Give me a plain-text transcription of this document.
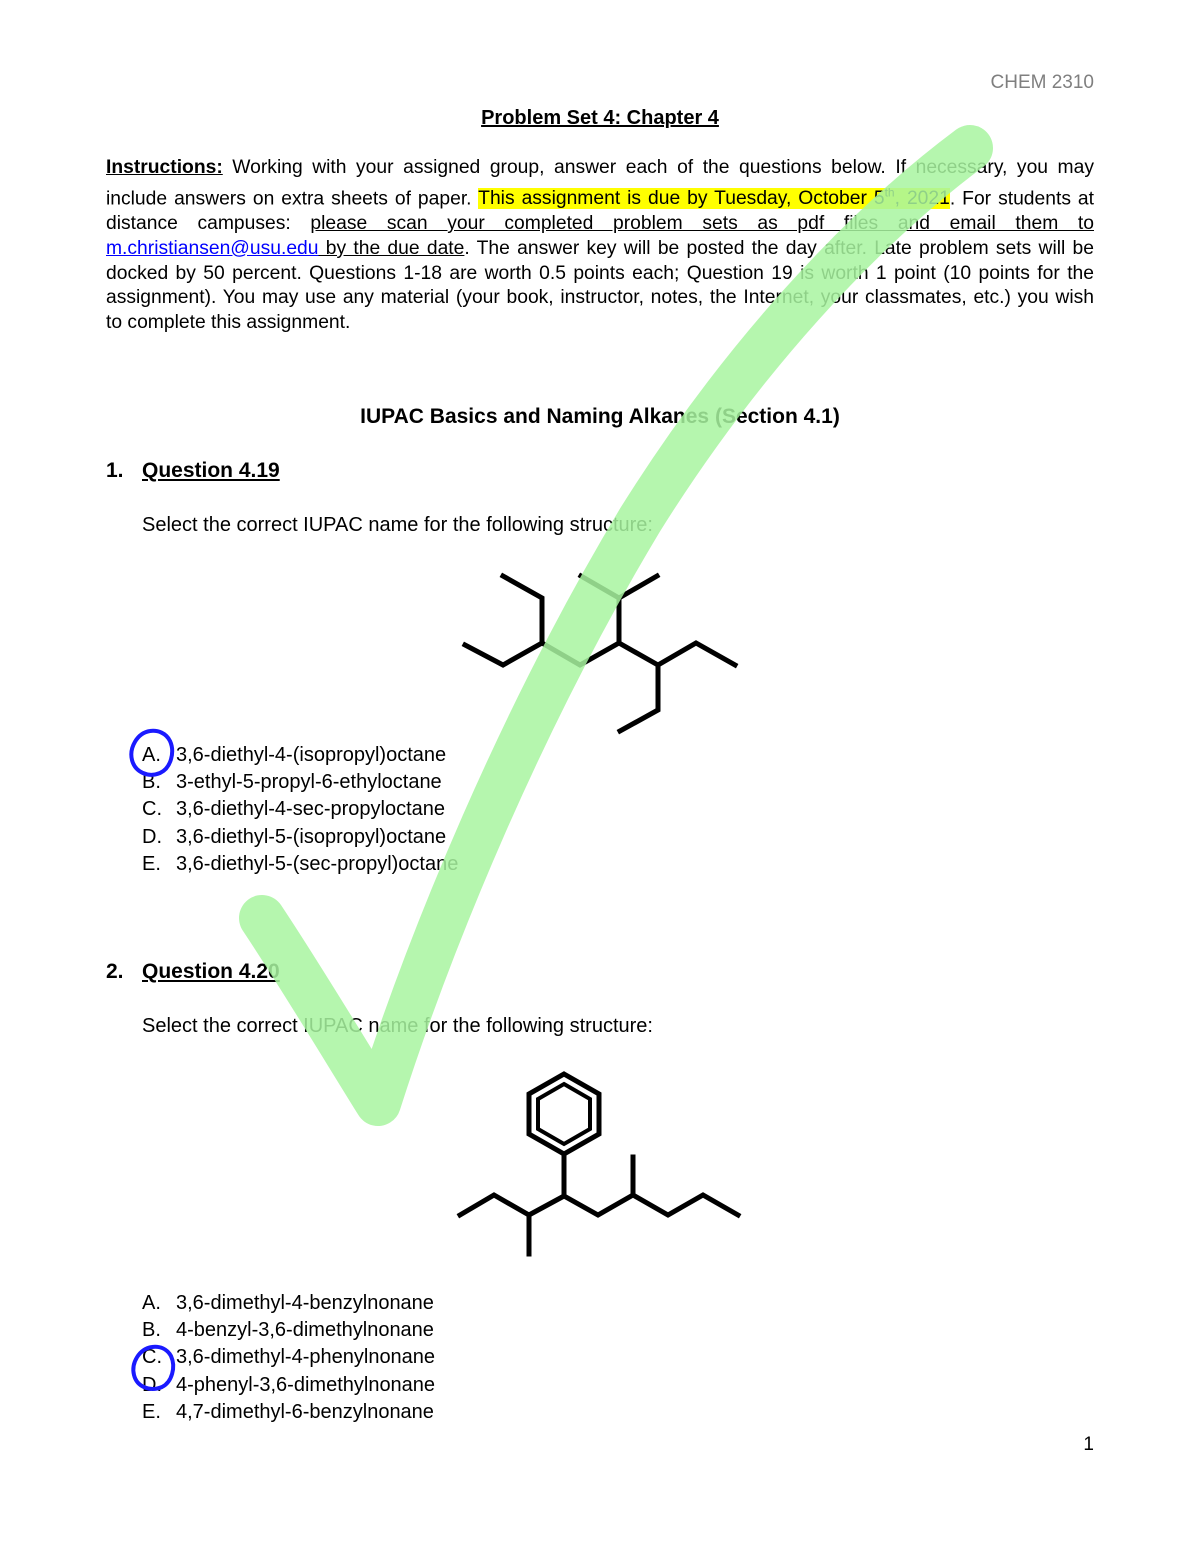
CHEM 2310
Problem Set 4: Chapter 4
Instructions: Working with your assigned group, answer each of the questions below. If necessary, you may include answers on extra sheets of paper. This assignment is due by Tuesday, October 5th, 2021. For students at distance campuses: please scan your completed problem sets as pdf files and email them to m.christiansen@usu.edu by the due date. The answer key will be posted the day after. Late problem sets will be docked by 50 percent. Questions 1-18 are worth 0.5 points each; Question 19 is worth 1 point (10 points for the assignment). You may use any material (your book, instructor, notes, the Internet, your classmates, etc.) you wish to complete this assignment.
IUPAC Basics and Naming Alkanes (Section 4.1)
1. Question 4.19
Select the correct IUPAC name for the following structure:
A. 3,6-diethyl-4-(isopropyl)octane
B. 3-ethyl-5-propyl-6-ethyloctane
C. 3,6-diethyl-4-sec-propyloctane
D. 3,6-diethyl-5-(isopropyl)octane
E. 3,6-diethyl-5-(sec-propyl)octane
2. Question 4.20
Select the correct IUPAC name for the following structure:
A. 3,6-dimethyl-4-benzylnonane
B. 4-benzyl-3,6-dimethylnonane
C. 3,6-dimethyl-4-phenylnonane
D. 4-phenyl-3,6-dimethylnonane
E. 4,7-dimethyl-6-benzylnonane
1
